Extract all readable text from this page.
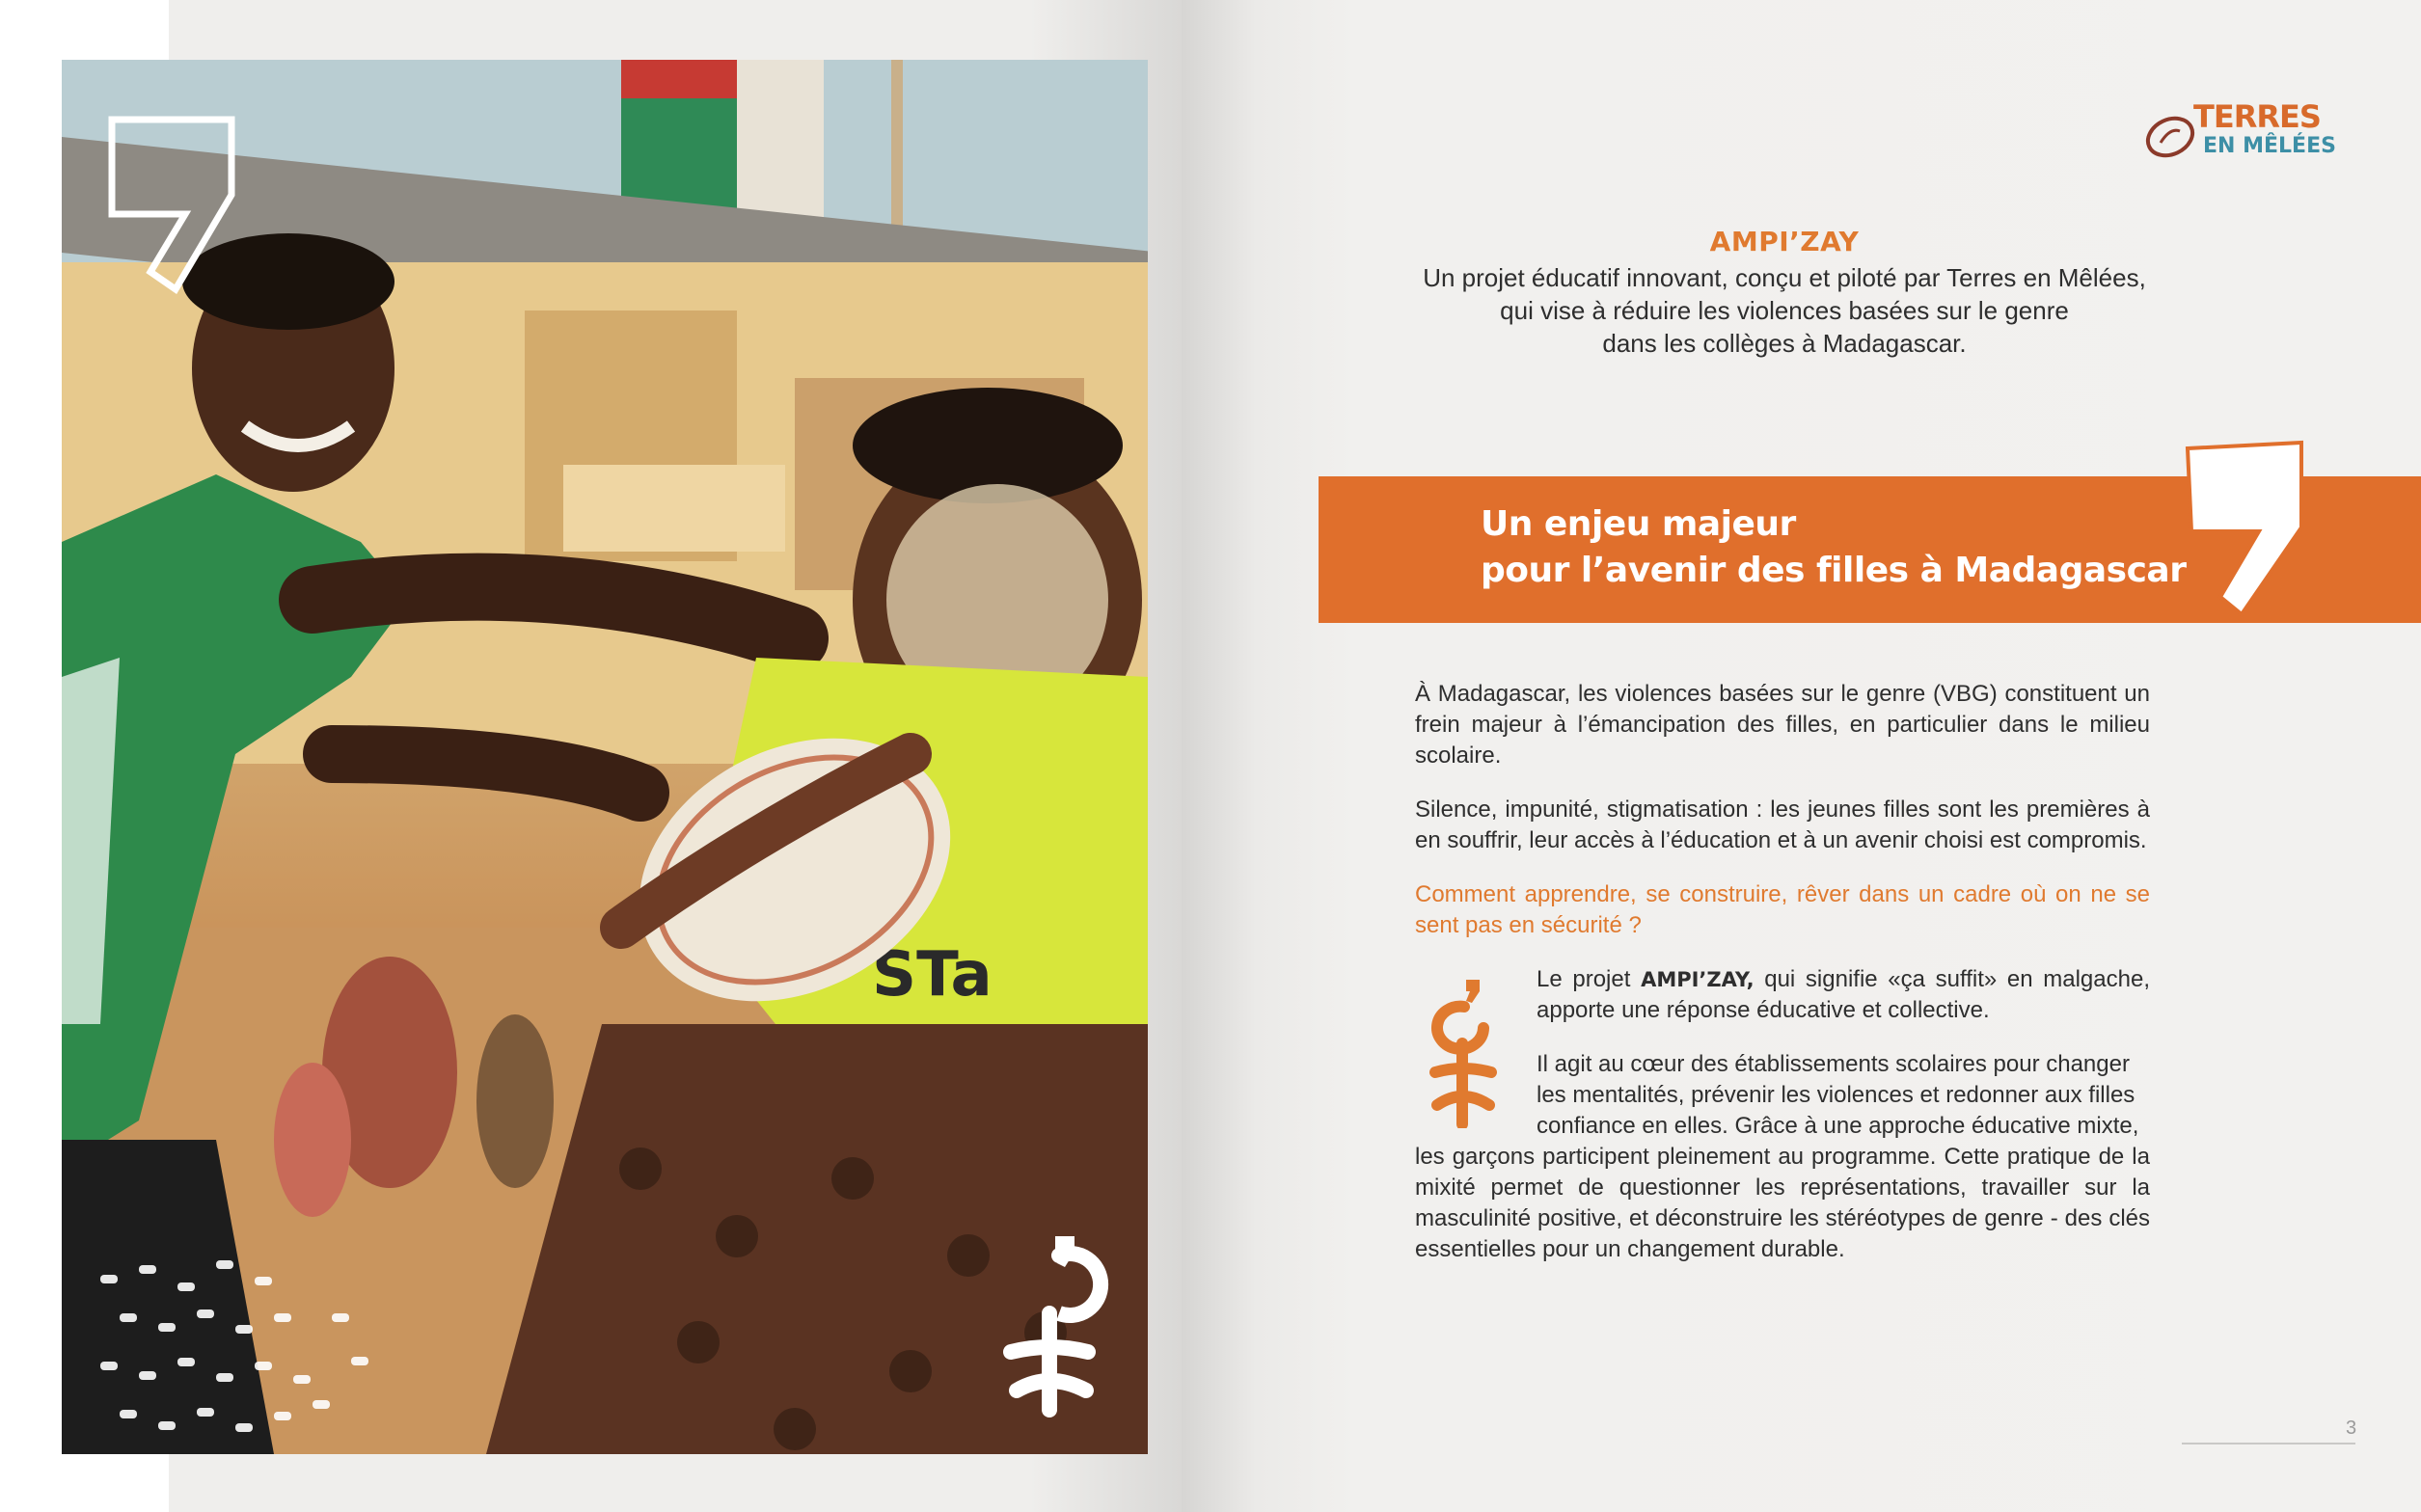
STa
TERRES
EN MÊLÉES
AMPI’ZAY
Un projet éducatif innovant, conçu et piloté par Terres en Mêlées,
qui vise à réduire les violences basées sur le genre
dans les collèges à Madagascar.
Un enjeu majeur
pour l’avenir des filles à Madagascar

À Madagascar, les violences basées sur le genre (VBG) constituent un frein majeur à l’émancipation des filles, en particulier dans le milieu scolaire.

Silence, impunité, stigmatisation : les jeunes filles sont les premières à en souffrir, leur accès à l’éducation et à un avenir choisi est compromis.

Comment apprendre, se construire, rêver dans un cadre où on ne se sent pas en sécurité ?

Le projet AMPI’ZAY, qui signifie «ça suffit» en malgache, apporte une réponse éducative et collective.

Il agit au cœur des établissements scolaires pour changer
les mentalités, prévenir les violences et redonner aux filles
confiance en elles. Grâce à une approche éducative mixte,
les garçons participent pleinement au programme. Cette pratique de la mixité permet de questionner les représentations, travailler sur la masculinité positive, et déconstruire les stéréotypes de genre - des clés essentielles pour un changement durable.

3
